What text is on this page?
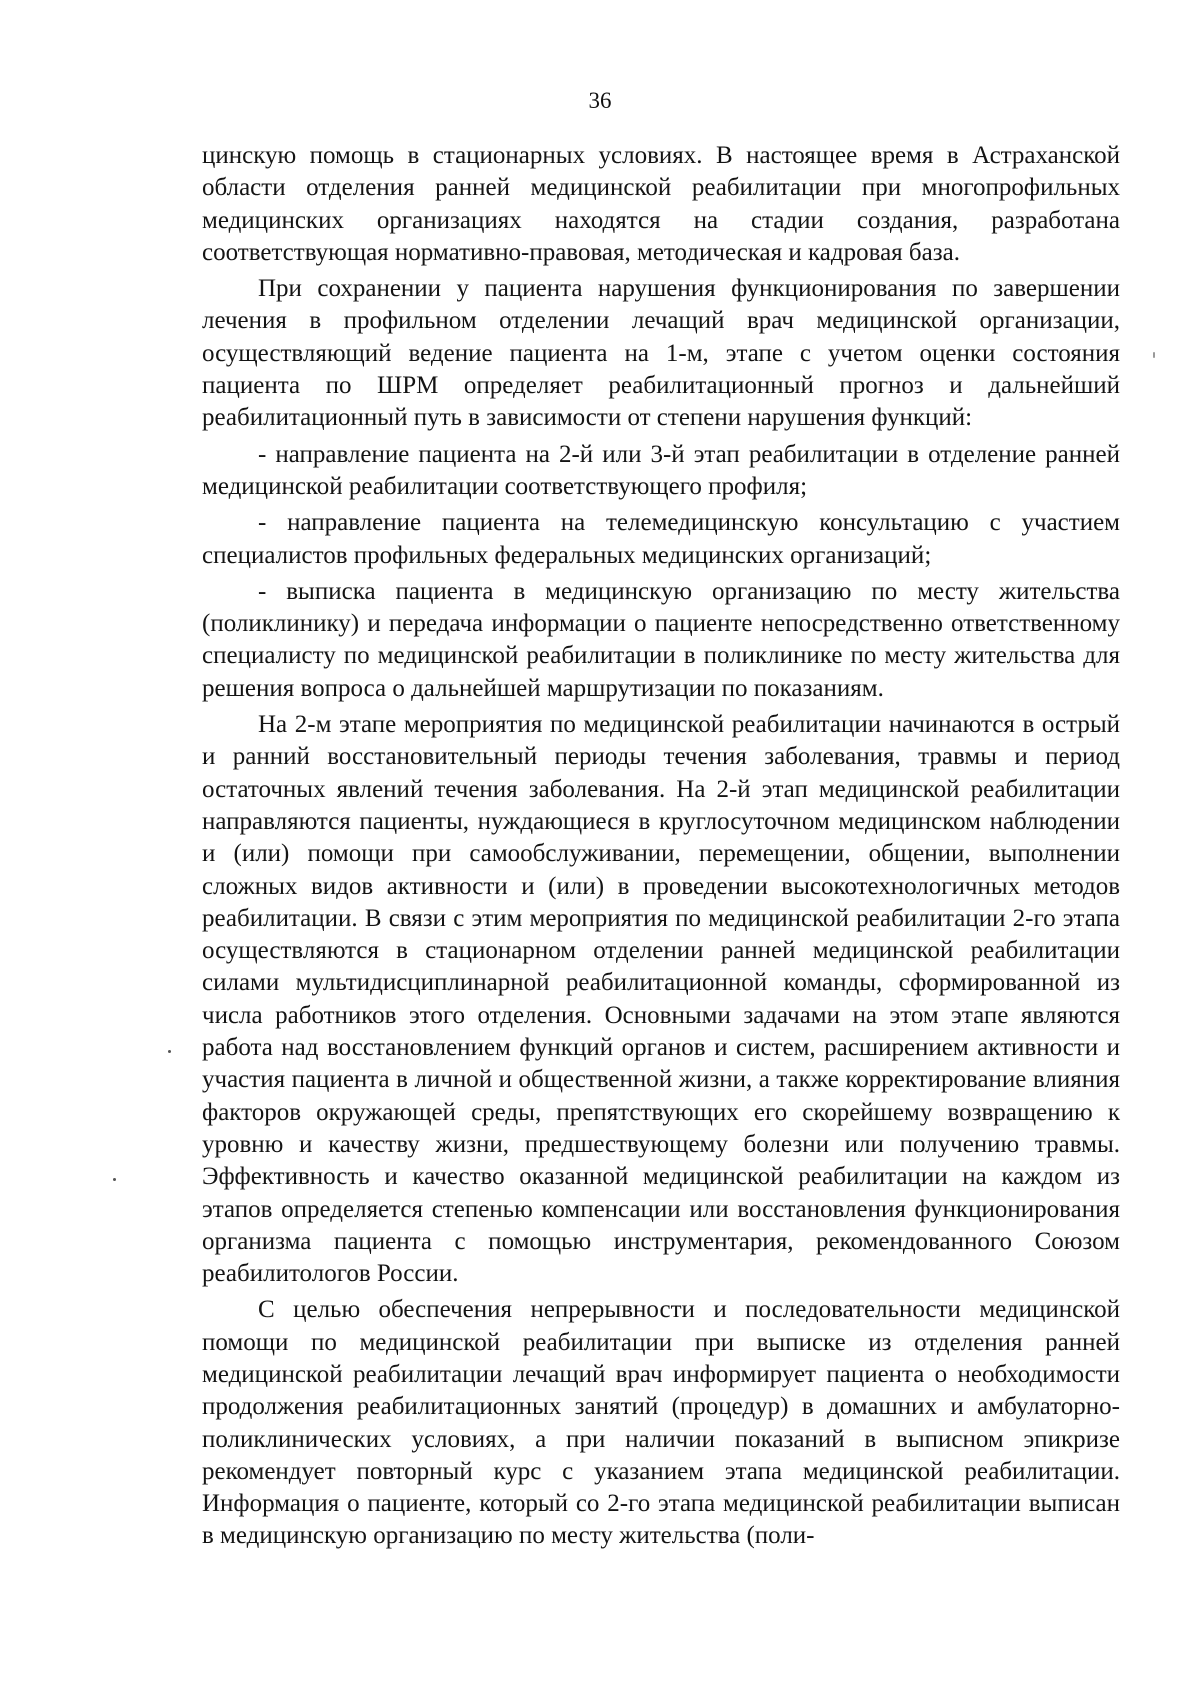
36

цинскую помощь в стационарных условиях. В настоящее время в Астраханской области отделения ранней медицинской реабилитации при многопрофильных медицинских организациях находятся на стадии создания, разработана соответствующая нормативно-правовая, методическая и кадровая база.

При сохранении у пациента нарушения функционирования по завершении лечения в профильном отделении лечащий врач медицинской организации, осуществляющий ведение пациента на 1-м, этапе с учетом оценки состояния пациента по ШРМ определяет реабилитационный прогноз и дальнейший реабилитационный путь в зависимости от степени нарушения функций:

- направление пациента на 2-й или 3-й этап реабилитации в отделение ранней медицинской реабилитации соответствующего профиля;

- направление пациента на телемедицинскую консультацию с участием специалистов профильных федеральных медицинских организаций;

- выписка пациента в медицинскую организацию по месту жительства (поликлинику) и передача информации о пациенте непосредственно ответственному специалисту по медицинской реабилитации в поликлинике по месту жительства для решения вопроса о дальнейшей маршрутизации по показаниям.

На 2-м этапе мероприятия по медицинской реабилитации начинаются в острый и ранний восстановительный периоды течения заболевания, травмы и период остаточных явлений течения заболевания. На 2-й этап медицинской реабилитации направляются пациенты, нуждающиеся в круглосуточном медицинском наблюдении и (или) помощи при самообслуживании, перемещении, общении, выполнении сложных видов активности и (или) в проведении высокотехнологичных методов реабилитации. В связи с этим мероприятия по медицинской реабилитации 2-го этапа осуществляются в стационарном отделении ранней медицинской реабилитации силами мультидисциплинарной реабилитационной команды, сформированной из числа работников этого отделения. Основными задачами на этом этапе являются работа над восстановлением функций органов и систем, расширением активности и участия пациента в личной и общественной жизни, а также корректирование влияния факторов окружающей среды, препятствующих его скорейшему возвращению к уровню и качеству жизни, предшествующему болезни или получению травмы. Эффективность и качество оказанной медицинской реабилитации на каждом из этапов определяется степенью компенсации или восстановления функционирования организма пациента с помощью инструментария, рекомендованного Союзом реабилитологов России.

С целью обеспечения непрерывности и последовательности медицинской помощи по медицинской реабилитации при выписке из отделения ранней медицинской реабилитации лечащий врач информирует пациента о необходимости продолжения реабилитационных занятий (процедур) в домашних и амбулаторно-поликлинических условиях, а при наличии показаний в выписном эпикризе рекомендует повторный курс с указанием этапа медицинской реабилитации. Информация о пациенте, который со 2-го этапа медицинской реабилитации выписан в медицинскую организацию по месту жительства (поли-
